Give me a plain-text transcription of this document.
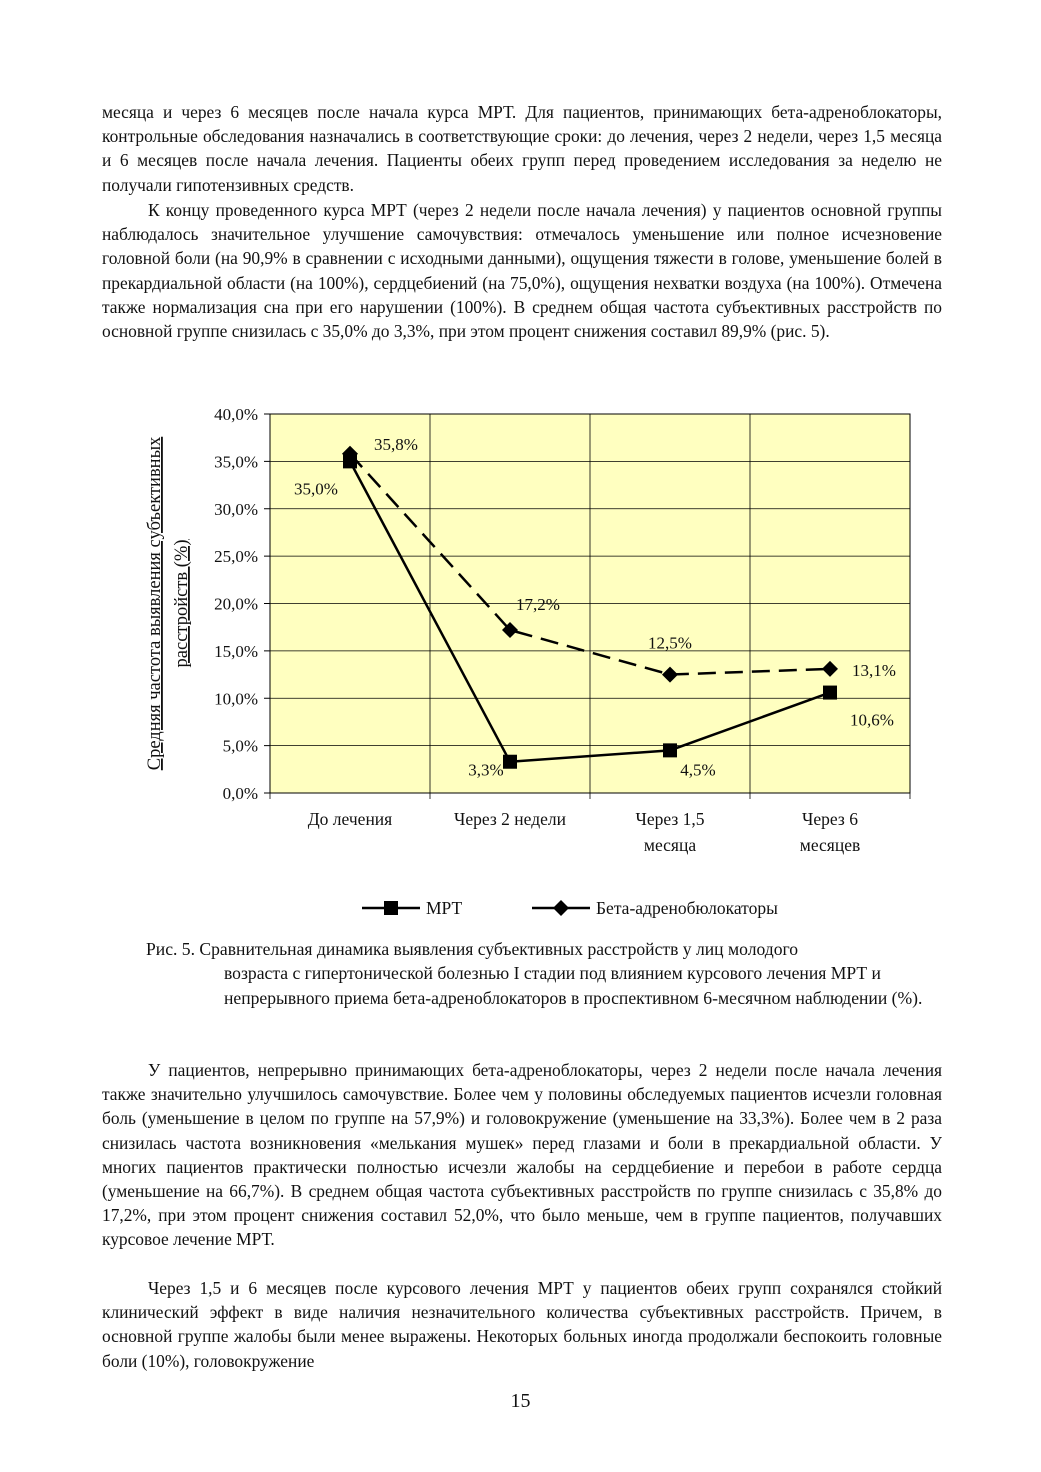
месяца и через 6 месяцев после начала курса МРТ. Для пациентов, принимающих бета-адреноблокаторы, контрольные обследования назначались в соответствующие сроки: до лечения, через 2 недели, через 1,5 месяца и 6 месяцев после начала лечения. Пациенты обеих групп перед проведением исследования за неделю не получали гипотензивных средств.

К концу проведенного курса МРТ (через 2 недели после начала лечения) у пациентов основной группы наблюдалось значительное улучшение самочувствия: отмечалось уменьшение или полное исчезновение головной боли (на 90,9% в сравнении с исходными данными), ощущения тяжести в голове, уменьшение болей в прекардиальной области (на 100%), сердцебиений (на 75,0%), ощущения нехватки воздуха (на 100%). Отмечена также нормализация сна при его нарушении (100%). В среднем общая частота субъективных расстройств по основной группе снизилась с 35,0% до 3,3%, при этом процент снижения составил 89,9% (рис. 5).

0,0%
5,0%
10,0%
15,0%
20,0%
25,0%
30,0%
35,0%
40,0%
До лечения	Через 2 недели	Через 1,5
месяца
Через 6
месяцев
Средняя частота выявления субъективных расстройств (%)
35,0%
3,3%	4,5%
10,6%
35,8%
17,2%
12,5%
13,1%
МРТ	Бета-адренобюлокаторы

Рис. 5. Сравнительная динамика выявления субъективных расстройств у лиц молодого
возраста с гипертонической болезнью I стадии под влиянием курсового лечения МРТ и непрерывного приема бета-адреноблокаторов в проспективном 6-месячном наблюдении (%).

У пациентов, непрерывно принимающих бета-адреноблокаторы, через 2 недели после начала лечения также значительно улучшилось самочувствие. Более чем у половины обследуемых пациентов исчезли головная боль (уменьшение в целом по группе на 57,9%) и головокружение (уменьшение на 33,3%). Более чем в 2 раза снизилась частота возникновения «мелькания мушек» перед глазами и боли в прекардиальной области. У многих пациентов практически полностью исчезли жалобы на сердцебиение и перебои в работе сердца (уменьшение на 66,7%). В среднем общая частота субъективных расстройств по группе снизилась с 35,8% до 17,2%, при этом процент снижения составил 52,0%, что было меньше, чем в группе пациентов, получавших курсовое лечение МРТ.

Через 1,5 и 6 месяцев после курсового лечения МРТ у пациентов обеих групп сохранялся стойкий клинический эффект в виде наличия незначительного количества субъективных расстройств. Причем, в основной группе жалобы были менее выражены. Некоторых больных иногда продолжали беспокоить головные боли (10%), головокружение

15
